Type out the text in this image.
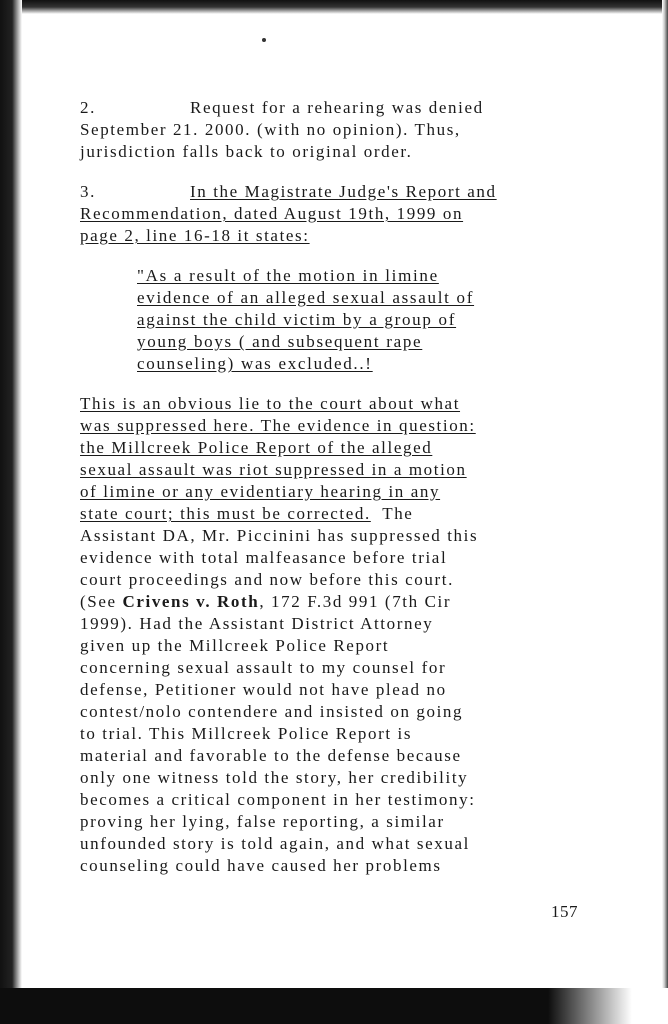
2.	Request for a rehearing was denied
September 21. 2000. (with no opinion). Thus,
jurisdiction falls back to original order.
3.	In the Magistrate Judge's Report and
Recommendation, dated August 19th, 1999 on
page 2, line 16-18 it states:
"As a result of the motion in limine
evidence of an alleged sexual assault of
against the child victim by a group of
young boys ( and subsequent rape
counseling) was excluded..!
This is an obvious lie to the court about what
was suppressed here. The evidence in question:
the Millcreek Police Report of the alleged
sexual assault was riot suppressed in a motion
of limine or any evidentiary hearing in any
state court; this must be corrected. The
Assistant DA, Mr. Piccinini has suppressed this
evidence with total malfeasance before trial
court proceedings and now before this court.
(See Crivens v. Roth, 172 F.3d 991 (7th Cir
1999). Had the Assistant District Attorney
given up the Millcreek Police Report
concerning sexual assault to my counsel for
defense, Petitioner would not have plead no
contest/nolo contendere and insisted on going
to trial. This Millcreek Police Report is
material and favorable to the defense because
only one witness told the story, her credibility
becomes a critical component in her testimony:
proving her lying, false reporting, a similar
unfounded story is told again, and what sexual
counseling could have caused her problems
157
